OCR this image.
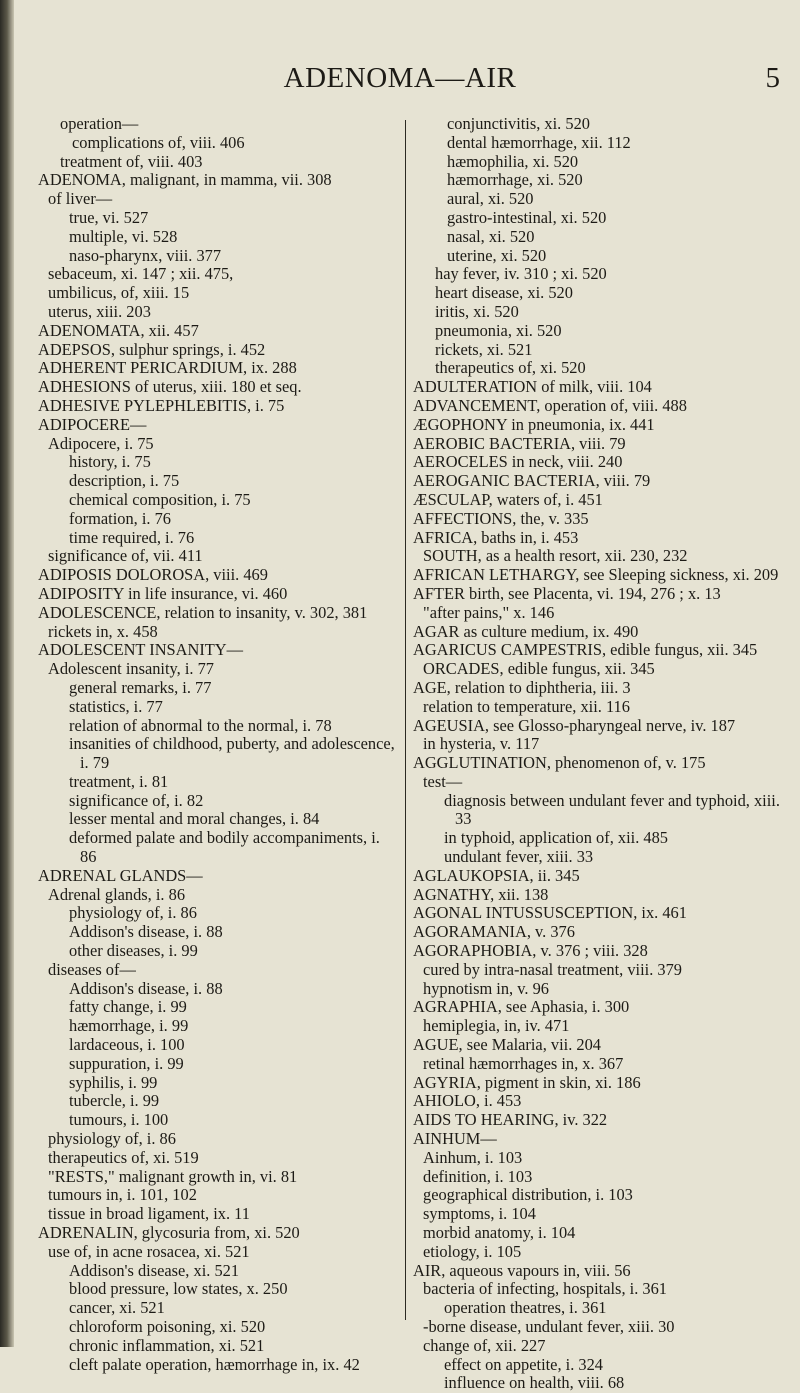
ADENOMA—AIR	5
operation—
complications of, viii. 406
treatment of, viii. 403
ADENOMA, malignant, in mamma, vii. 308
of liver—
true, vi. 527
multiple, vi. 528
naso-pharynx, viii. 377
sebaceum, xi. 147 ; xii. 475,
umbilicus, of, xiii. 15
uterus, xiii. 203
ADENOMATA, xii. 457
ADEPSOS, sulphur springs, i. 452
ADHERENT PERICARDIUM, ix. 288
ADHESIONS of uterus, xiii. 180 et seq.
ADHESIVE PYLEPHLEBITIS, i. 75
ADIPOCERE—
Adipocere, i. 75
history, i. 75
description, i. 75
chemical composition, i. 75
formation, i. 76
time required, i. 76
significance of, vii. 411
ADIPOSIS DOLOROSA, viii. 469
ADIPOSITY in life insurance, vi. 460
ADOLESCENCE, relation to insanity, v. 302, 381
rickets in, x. 458
ADOLESCENT INSANITY—
Adolescent insanity, i. 77
general remarks, i. 77
statistics, i. 77
relation of abnormal to the normal, i. 78
insanities of childhood, puberty, and adolescence, i. 79
treatment, i. 81
significance of, i. 82
lesser mental and moral changes, i. 84
deformed palate and bodily accompaniments, i. 86
ADRENAL GLANDS—
Adrenal glands, i. 86
physiology of, i. 86
Addison's disease, i. 88
other diseases, i. 99
diseases of—
Addison's disease, i. 88
fatty change, i. 99
hæmorrhage, i. 99
lardaceous, i. 100
suppuration, i. 99
syphilis, i. 99
tubercle, i. 99
tumours, i. 100
physiology of, i. 86
therapeutics of, xi. 519
"RESTS," malignant growth in, vi. 81
tumours in, i. 101, 102
tissue in broad ligament, ix. 11
ADRENALIN, glycosuria from, xi. 520
use of, in acne rosacea, xi. 521
Addison's disease, xi. 521
blood pressure, low states, x. 250
cancer, xi. 521
chloroform poisoning, xi. 520
chronic inflammation, xi. 521
cleft palate operation, hæmorrhage in, ix. 42
conjunctivitis, xi. 520
dental hæmorrhage, xii. 112
hæmophilia, xi. 520
hæmorrhage, xi. 520
aural, xi. 520
gastro-intestinal, xi. 520
nasal, xi. 520
uterine, xi. 520
hay fever, iv. 310 ; xi. 520
heart disease, xi. 520
iritis, xi. 520
pneumonia, xi. 520
rickets, xi. 521
therapeutics of, xi. 520
ADULTERATION of milk, viii. 104
ADVANCEMENT, operation of, viii. 488
ÆGOPHONY in pneumonia, ix. 441
AEROBIC BACTERIA, viii. 79
AEROCELES in neck, viii. 240
AEROGANIC BACTERIA, viii. 79
ÆSCULAP, waters of, i. 451
AFFECTIONS, the, v. 335
AFRICA, baths in, i. 453
SOUTH, as a health resort, xii. 230, 232
AFRICAN LETHARGY, see Sleeping sickness, xi. 209
AFTER birth, see Placenta, vi. 194, 276 ; x. 13
"after pains," x. 146
AGAR as culture medium, ix. 490
AGARICUS CAMPESTRIS, edible fungus, xii. 345
ORCADES, edible fungus, xii. 345
AGE, relation to diphtheria, iii. 3
relation to temperature, xii. 116
AGEUSIA, see Glosso-pharyngeal nerve, iv. 187
in hysteria, v. 117
AGGLUTINATION, phenomenon of, v. 175
test—
diagnosis between undulant fever and typhoid, xiii. 33
in typhoid, application of, xii. 485
undulant fever, xiii. 33
AGLAUKOPSIA, ii. 345
AGNATHY, xii. 138
AGONAL INTUSSUSCEPTION, ix. 461
AGORAMANIA, v. 376
AGORAPHOBIA, v. 376 ; viii. 328
cured by intra-nasal treatment, viii. 379
hypnotism in, v. 96
AGRAPHIA, see Aphasia, i. 300
hemiplegia, in, iv. 471
AGUE, see Malaria, vii. 204
retinal hæmorrhages in, x. 367
AGYRIA, pigment in skin, xi. 186
AHIOLO, i. 453
AIDS TO HEARING, iv. 322
AINHUM—
Ainhum, i. 103
definition, i. 103
geographical distribution, i. 103
symptoms, i. 104
morbid anatomy, i. 104
etiology, i. 105
AIR, aqueous vapours in, viii. 56
bacteria of infecting, hospitals, i. 361
operation theatres, i. 361
-borne disease, undulant fever, xiii. 30
change of, xii. 227
effect on appetite, i. 324
influence on health, viii. 68
